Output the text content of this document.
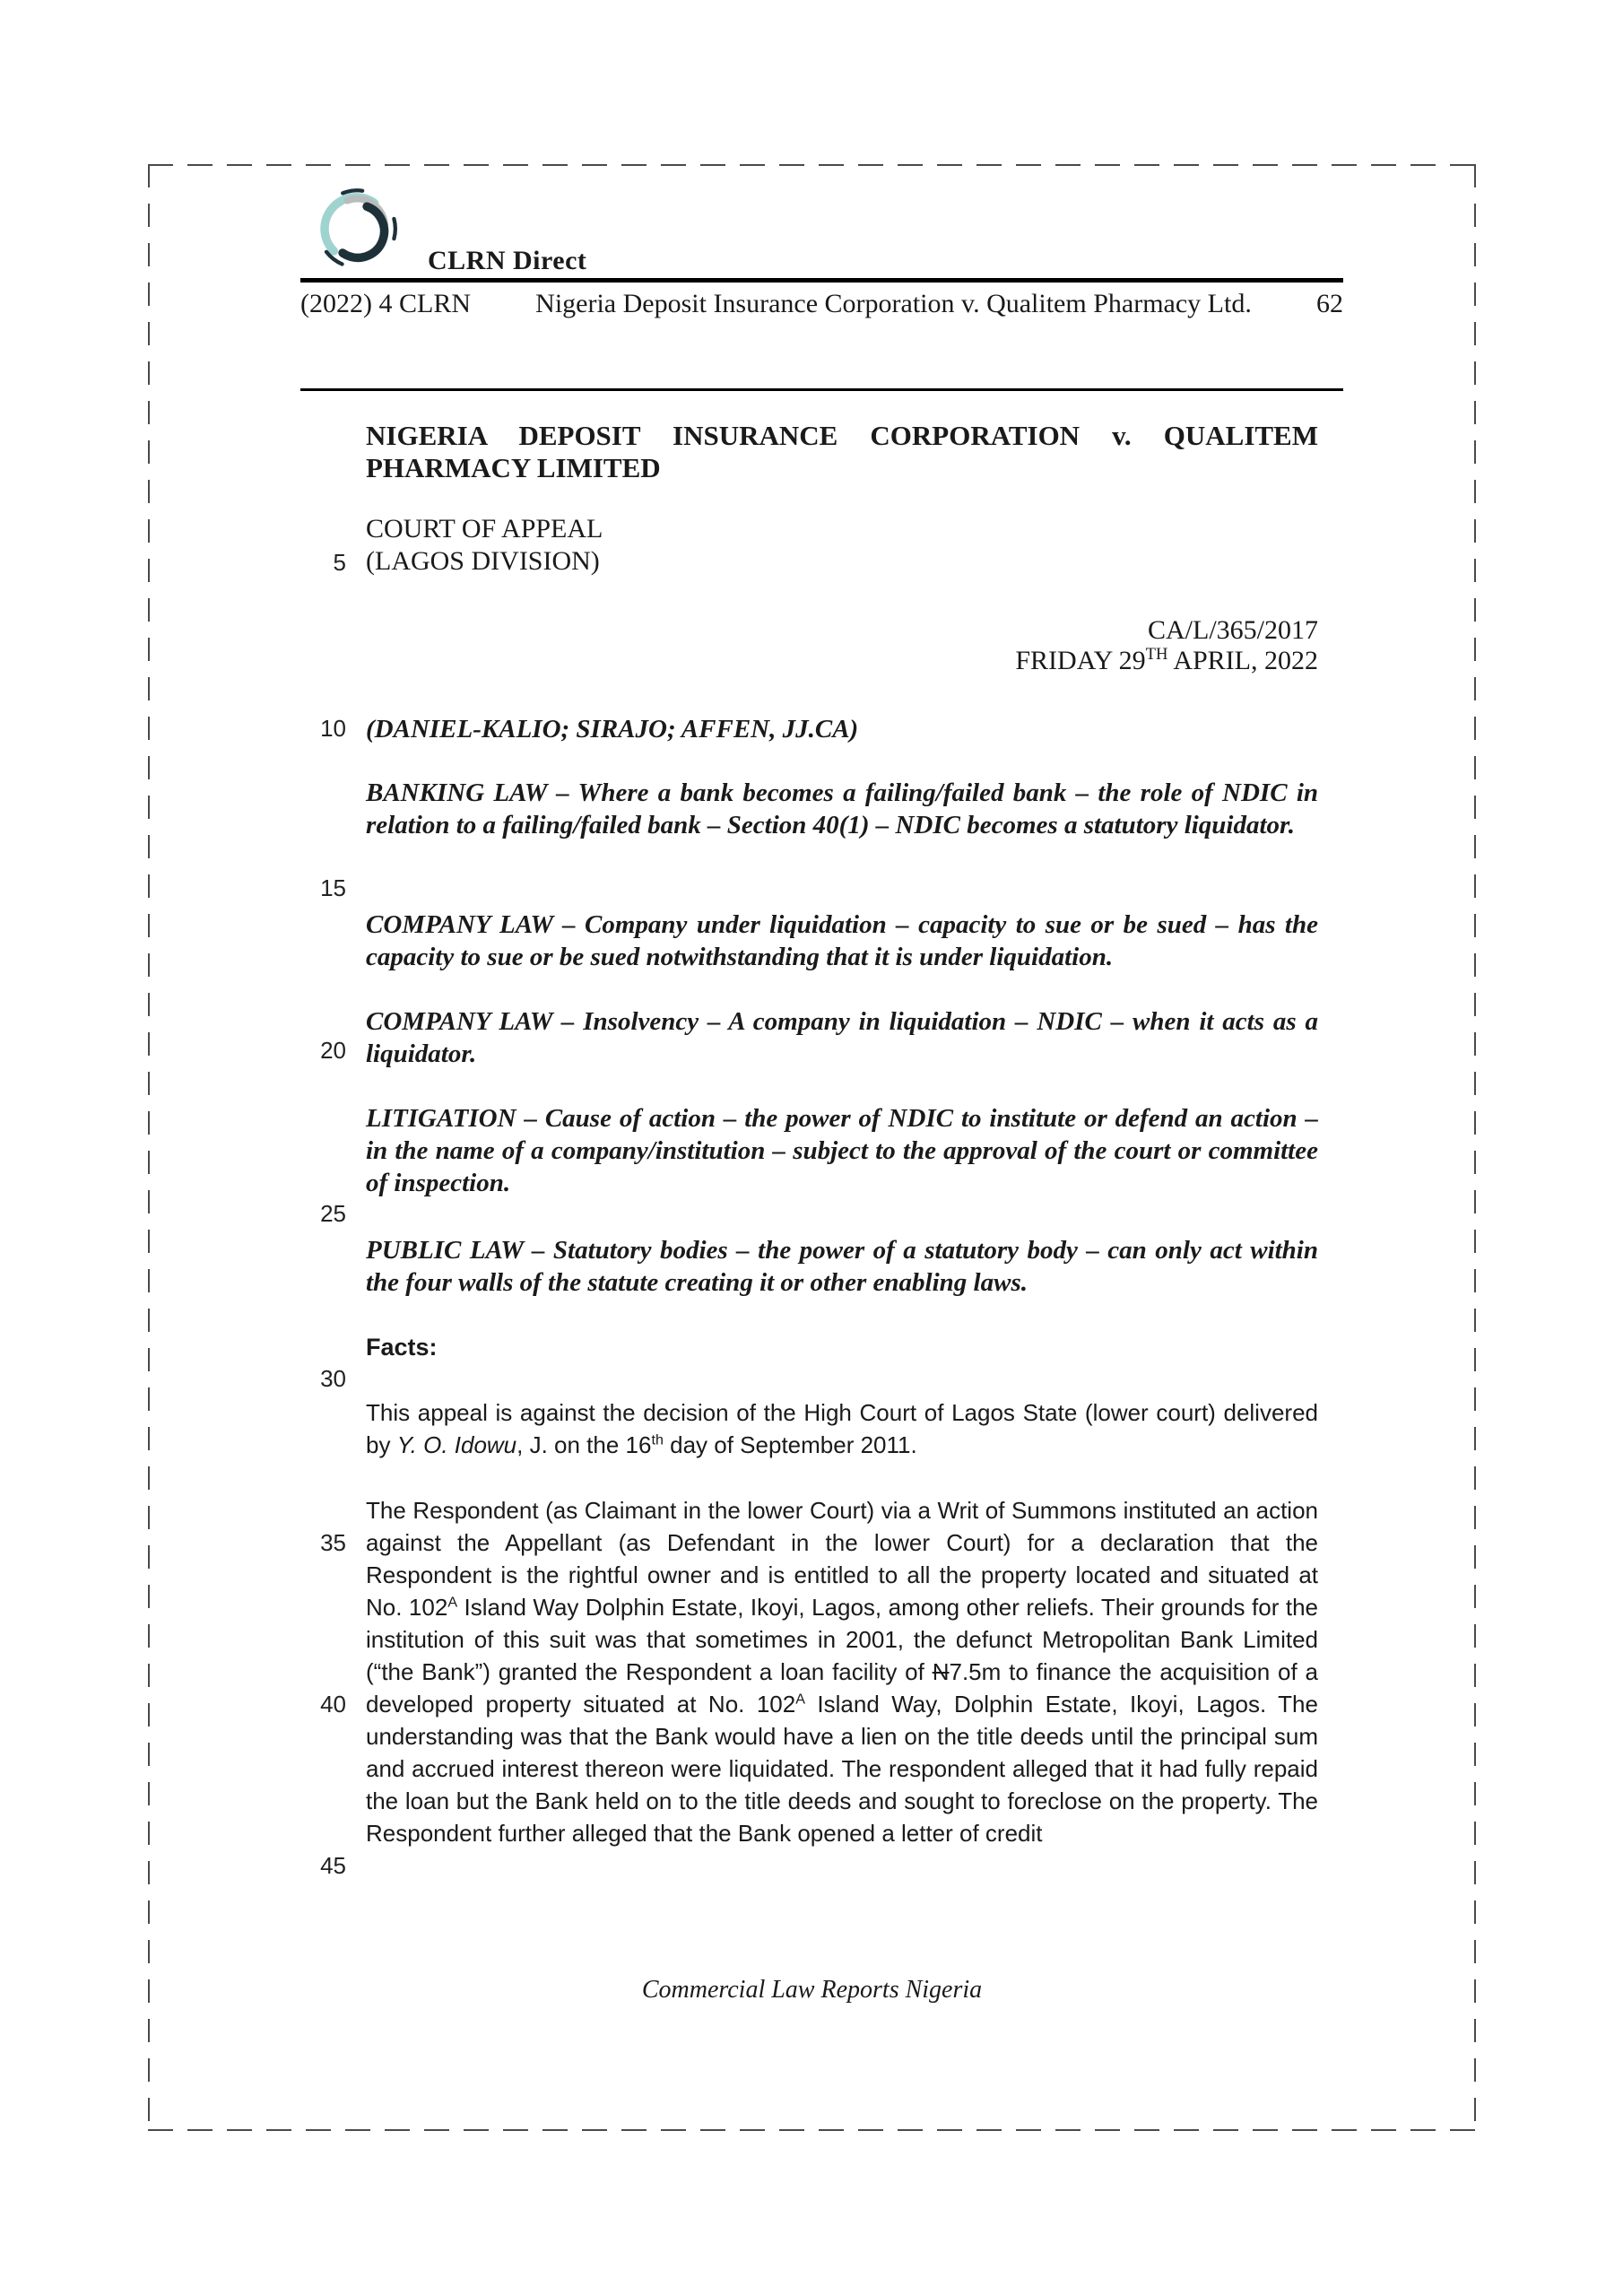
CLRN Direct
(2022) 4 CLRN Nigeria Deposit Insurance Corporation v. Qualitem Pharmacy Ltd. 62
NIGERIA DEPOSIT INSURANCE CORPORATION v. QUALITEM PHARMACY LIMITED
COURT OF APPEAL
(LAGOS DIVISION)
CA/L/365/2017
FRIDAY 29TH APRIL, 2022
(DANIEL-KALIO; SIRAJO; AFFEN, JJ.CA)
BANKING LAW – Where a bank becomes a failing/failed bank – the role of NDIC in relation to a failing/failed bank – Section 40(1) – NDIC becomes a statutory liquidator.
COMPANY LAW – Company under liquidation – capacity to sue or be sued – has the capacity to sue or be sued notwithstanding that it is under liquidation.
COMPANY LAW – Insolvency – A company in liquidation – NDIC – when it acts as a liquidator.
LITIGATION – Cause of action – the power of NDIC to institute or defend an action – in the name of a company/institution – subject to the approval of the court or committee of inspection.
PUBLIC LAW – Statutory bodies – the power of a statutory body – can only act within the four walls of the statute creating it or other enabling laws.
Facts:
This appeal is against the decision of the High Court of Lagos State (lower court) delivered by Y. O. Idowu, J. on the 16th day of September 2011.
The Respondent (as Claimant in the lower Court) via a Writ of Summons instituted an action against the Appellant (as Defendant in the lower Court) for a declaration that the Respondent is the rightful owner and is entitled to all the property located and situated at No. $102^A$ Island Way Dolphin Estate, Ikoyi, Lagos, among other reliefs. Their grounds for the institution of this suit was that sometimes in 2001, the defunct Metropolitan Bank Limited (“the Bank”) granted the Respondent a loan facility of N7.5m to finance the acquisition of a developed property situated at No. $102^A$ Island Way, Dolphin Estate, Ikoyi, Lagos. The understanding was that the Bank would have a lien on the title deeds until the principal sum and accrued interest thereon were liquidated. The respondent alleged that it had fully repaid the loan but the Bank held on to the title deeds and sought to foreclose on the property. The Respondent further alleged that the Bank opened a letter of credit
5
10
15
20
25
30
35
40
45
Commercial Law Reports Nigeria
